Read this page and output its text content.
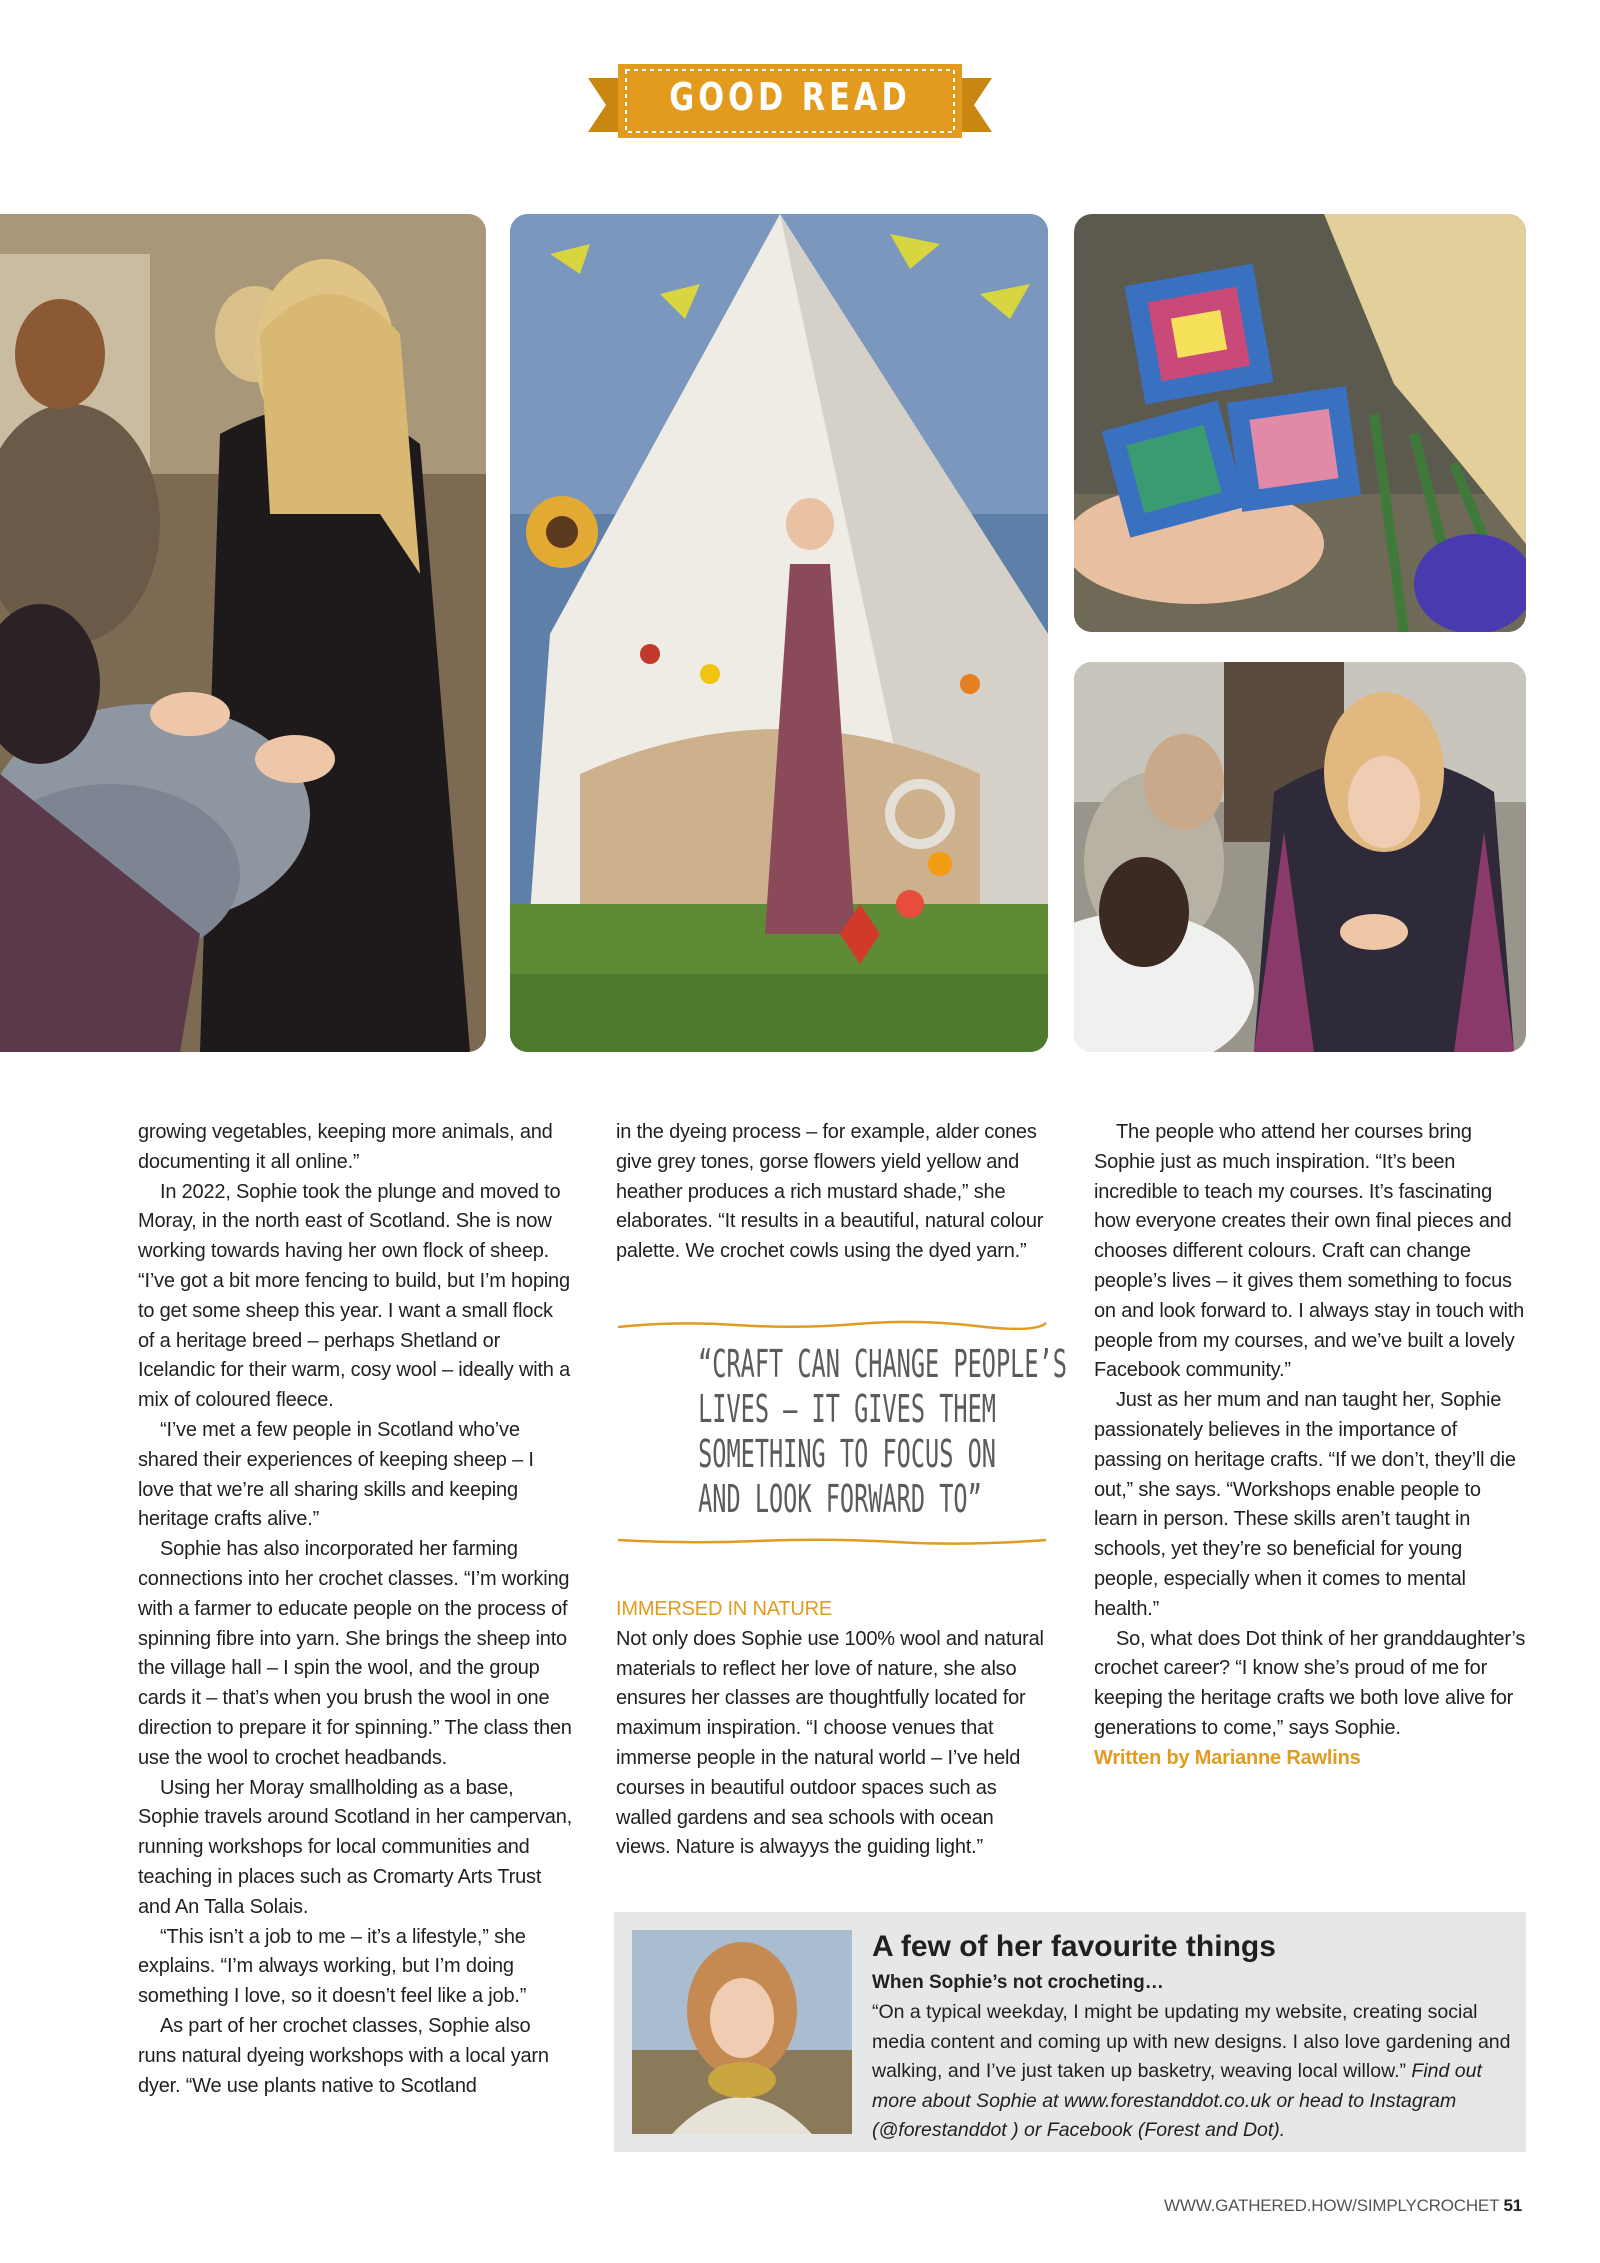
GOOD READ

growing vegetables, keeping more animals, and documenting it all online.”

In 2022, Sophie took the plunge and moved to Moray, in the north east of Scotland. She is now working towards having her own flock of sheep. “I’ve got a bit more fencing to build, but I’m hoping to get some sheep this year. I want a small flock of a heritage breed – perhaps Shetland or Icelandic for their warm, cosy wool – ideally with a mix of coloured fleece.

“I’ve met a few people in Scotland who’ve shared their experiences of keeping sheep – I love that we’re all sharing skills and keeping heritage crafts alive.”

Sophie has also incorporated her farming connections into her crochet classes. “I’m working with a farmer to educate people on the process of spinning fibre into yarn. She brings the sheep into the village hall – I spin the wool, and the group cards it – that’s when you brush the wool in one direction to prepare it for spinning.” The class then use the wool to crochet headbands.

Using her Moray smallholding as a base, Sophie travels around Scotland in her campervan, running workshops for local communities and teaching in places such as Cromarty Arts Trust and An Talla Solais.

“This isn’t a job to me – it’s a lifestyle,” she explains. “I’m always working, but I’m doing something I love, so it doesn’t feel like a job.”

As part of her crochet classes, Sophie also runs natural dyeing workshops with a local yarn dyer. “We use plants native to Scotland

in the dyeing process – for example, alder cones give grey tones, gorse flowers yield yellow and heather produces a rich mustard shade,” she elaborates. “It results in a beautiful, natural colour palette. We crochet cowls using the dyed yarn.”

“CRAFT CAN CHANGE PEOPLE’S
LIVES – IT GIVES THEM
SOMETHING TO FOCUS ON
AND LOOK FORWARD TO”

IMMERSED IN NATURE

Not only does Sophie use 100% wool and natural materials to reflect her love of nature, she also ensures her classes are thoughtfully located for maximum inspiration. “I choose venues that immerse people in the natural world – I’ve held courses in beautiful outdoor spaces such as walled gardens and sea schools with ocean views. Nature is alwayys the guiding light.”

The people who attend her courses bring Sophie just as much inspiration. “It’s been incredible to teach my courses. It’s fascinating how everyone creates their own final pieces and chooses different colours. Craft can change people’s lives – it gives them something to focus on and look forward to. I always stay in touch with people from my courses, and we’ve built a lovely Facebook community.”

Just as her mum and nan taught her, Sophie passionately believes in the importance of passing on heritage crafts. “If we don’t, they’ll die out,” she says. “Workshops enable people to learn in person. These skills aren’t taught in schools, yet they’re so beneficial for young people, especially when it comes to mental health.”

So, what does Dot think of her granddaughter’s crochet career? “I know she’s proud of me for keeping the heritage crafts we both love alive for generations to come,” says Sophie.

Written by Marianne Rawlins

A few of her favourite things
When Sophie’s not crocheting…
“On a typical weekday, I might be updating my website, creating social media content and coming up with new designs. I also love gardening and walking, and I’ve just taken up basketry, weaving local willow.” Find out more about Sophie at www.forestanddot.co.uk or head to Instagram (@forestanddot ) or Facebook (Forest and Dot).
WWW.GATHERED.HOW/SIMPLYCROCHET 51
